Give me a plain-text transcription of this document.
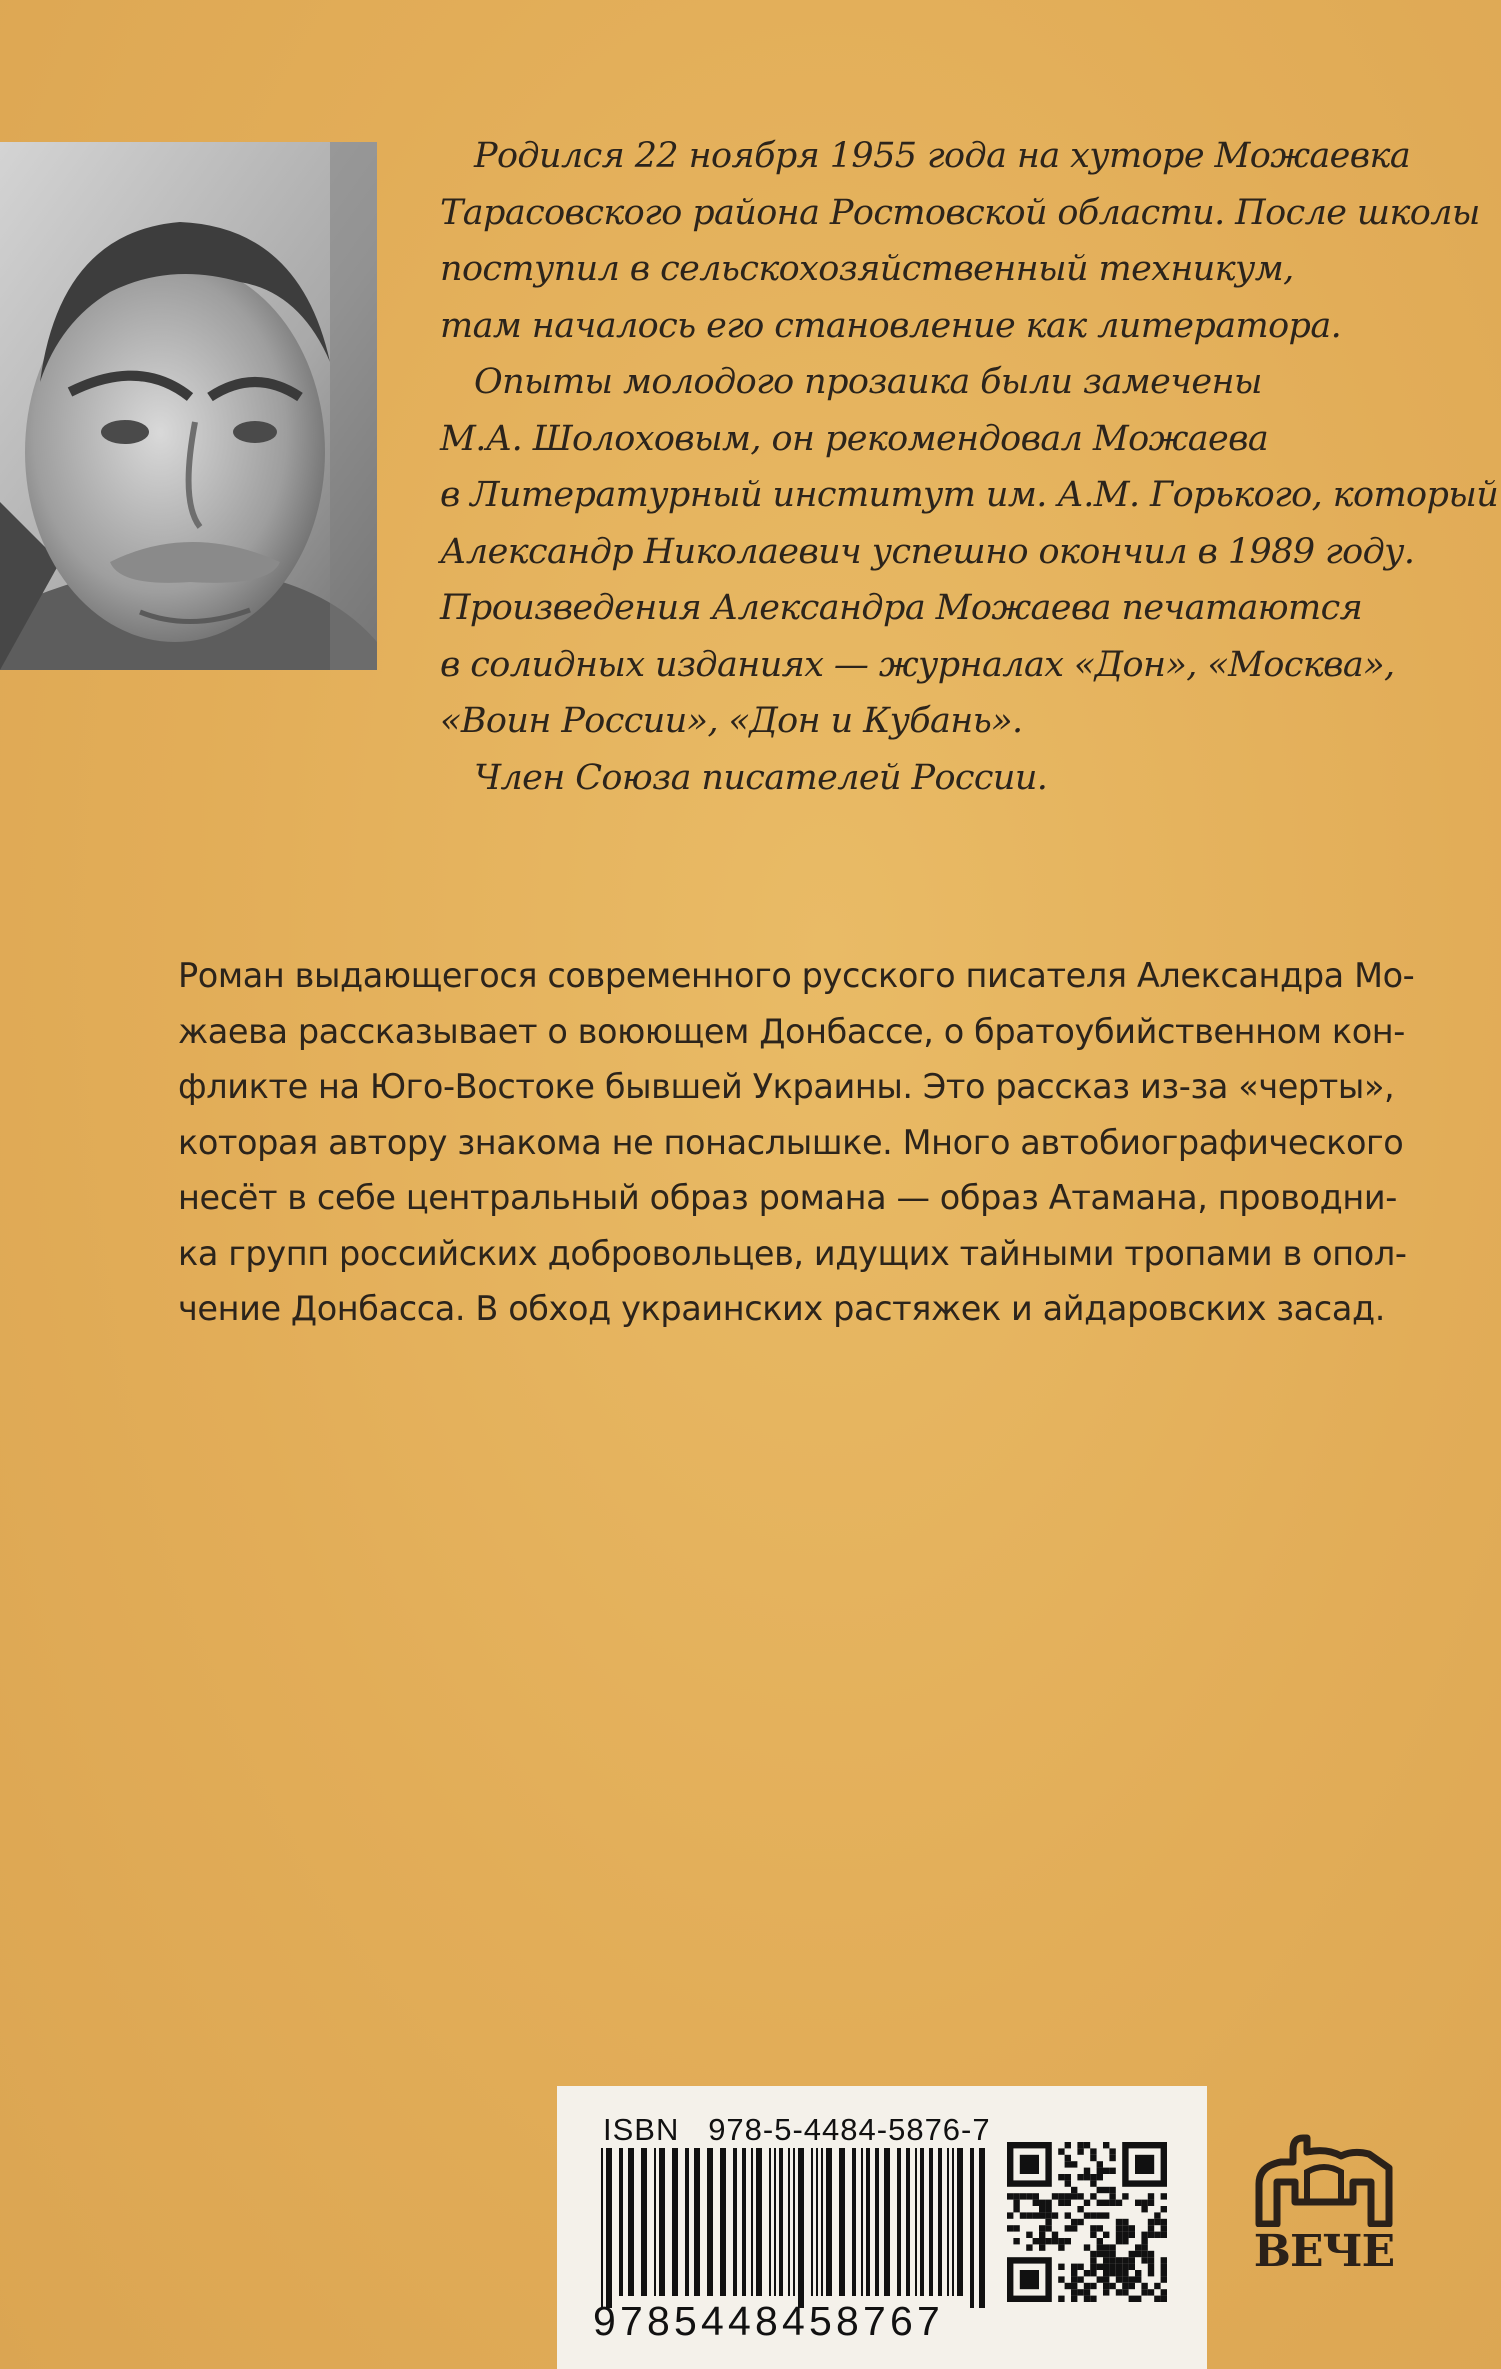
Родился 22 ноября 1955 года на хуторе Можаевка

Тарасовского района Ростовской области. После школы

поступил в сельскохозяйственный техникум,

там началось его становление как литератора.

Опыты молодого прозаика были замечены

М.А. Шолоховым, он рекомендовал Можаева

в Литературный институт им. А.М. Горького, который

Александр Николаевич успешно окончил в 1989 году.

Произведения Александра Можаева печатаются

в солидных изданиях — журналах «Дон», «Москва»,

«Воин России», «Дон и Кубань».

Член Союза писателей России.

Роман выдающегося современного русского писателя Александра Мо-

жаева рассказывает о воюющем Донбассе, о братоубийственном кон-

фликте на Юго-Востоке бывшей Украины. Это рассказ из-за «черты»,

которая автору знакома не понаслышке. Много автобиографического

несёт в себе центральный образ романа — образ Атамана, проводни-

ка групп российских добровольцев, идущих тайными тропами в опол-

чение Донбасса. В обход украинских растяжек и айдаровских засад.

ISBN   978-5-4484-5876-7
9785448458767
ВЕЧЕ
